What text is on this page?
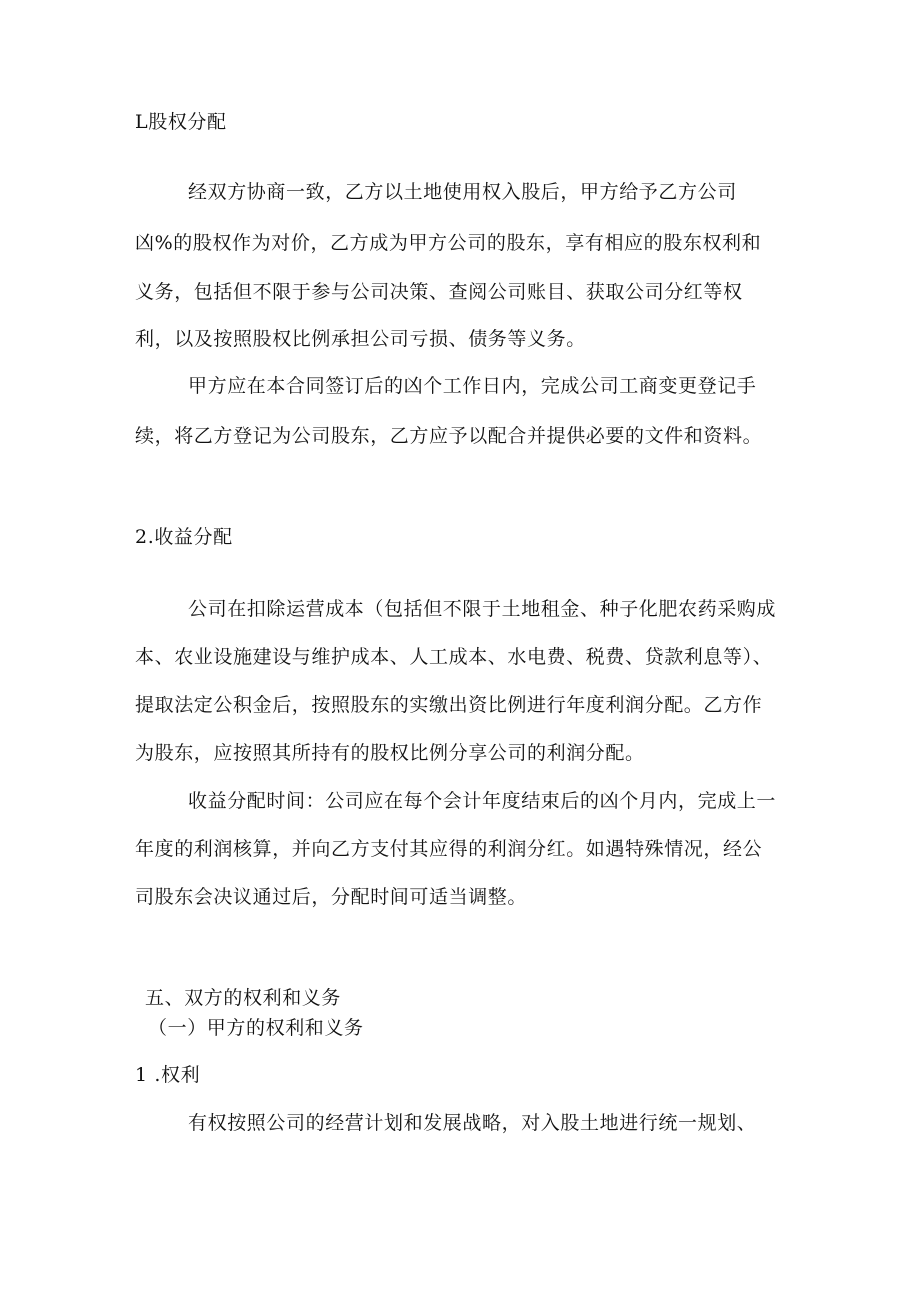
L股权分配
经双方协商一致，乙方以土地使用权入股后，甲方给予乙方公司
凶%的股权作为对价，乙方成为甲方公司的股东，享有相应的股东权利和
义务，包括但不限于参与公司决策、查阅公司账目、获取公司分红等权
利，以及按照股权比例承担公司亏损、债务等义务。
甲方应在本合同签订后的凶个工作日内，完成公司工商变更登记手
续，将乙方登记为公司股东，乙方应予以配合并提供必要的文件和资料。
2.收益分配
公司在扣除运营成本（包括但不限于土地租金、种子化肥农药采购成
本、农业设施建设与维护成本、人工成本、水电费、税费、贷款利息等）、
提取法定公积金后，按照股东的实缴出资比例进行年度利润分配。乙方作
为股东，应按照其所持有的股权比例分享公司的利润分配。
收益分配时间：公司应在每个会计年度结束后的凶个月内，完成上一
年度的利润核算，并向乙方支付其应得的利润分红。如遇特殊情况，经公
司股东会决议通过后，分配时间可适当调整。
五、双方的权利和义务
（一）甲方的权利和义务
1 .权利
有权按照公司的经营计划和发展战略，对入股土地进行统一规划、
